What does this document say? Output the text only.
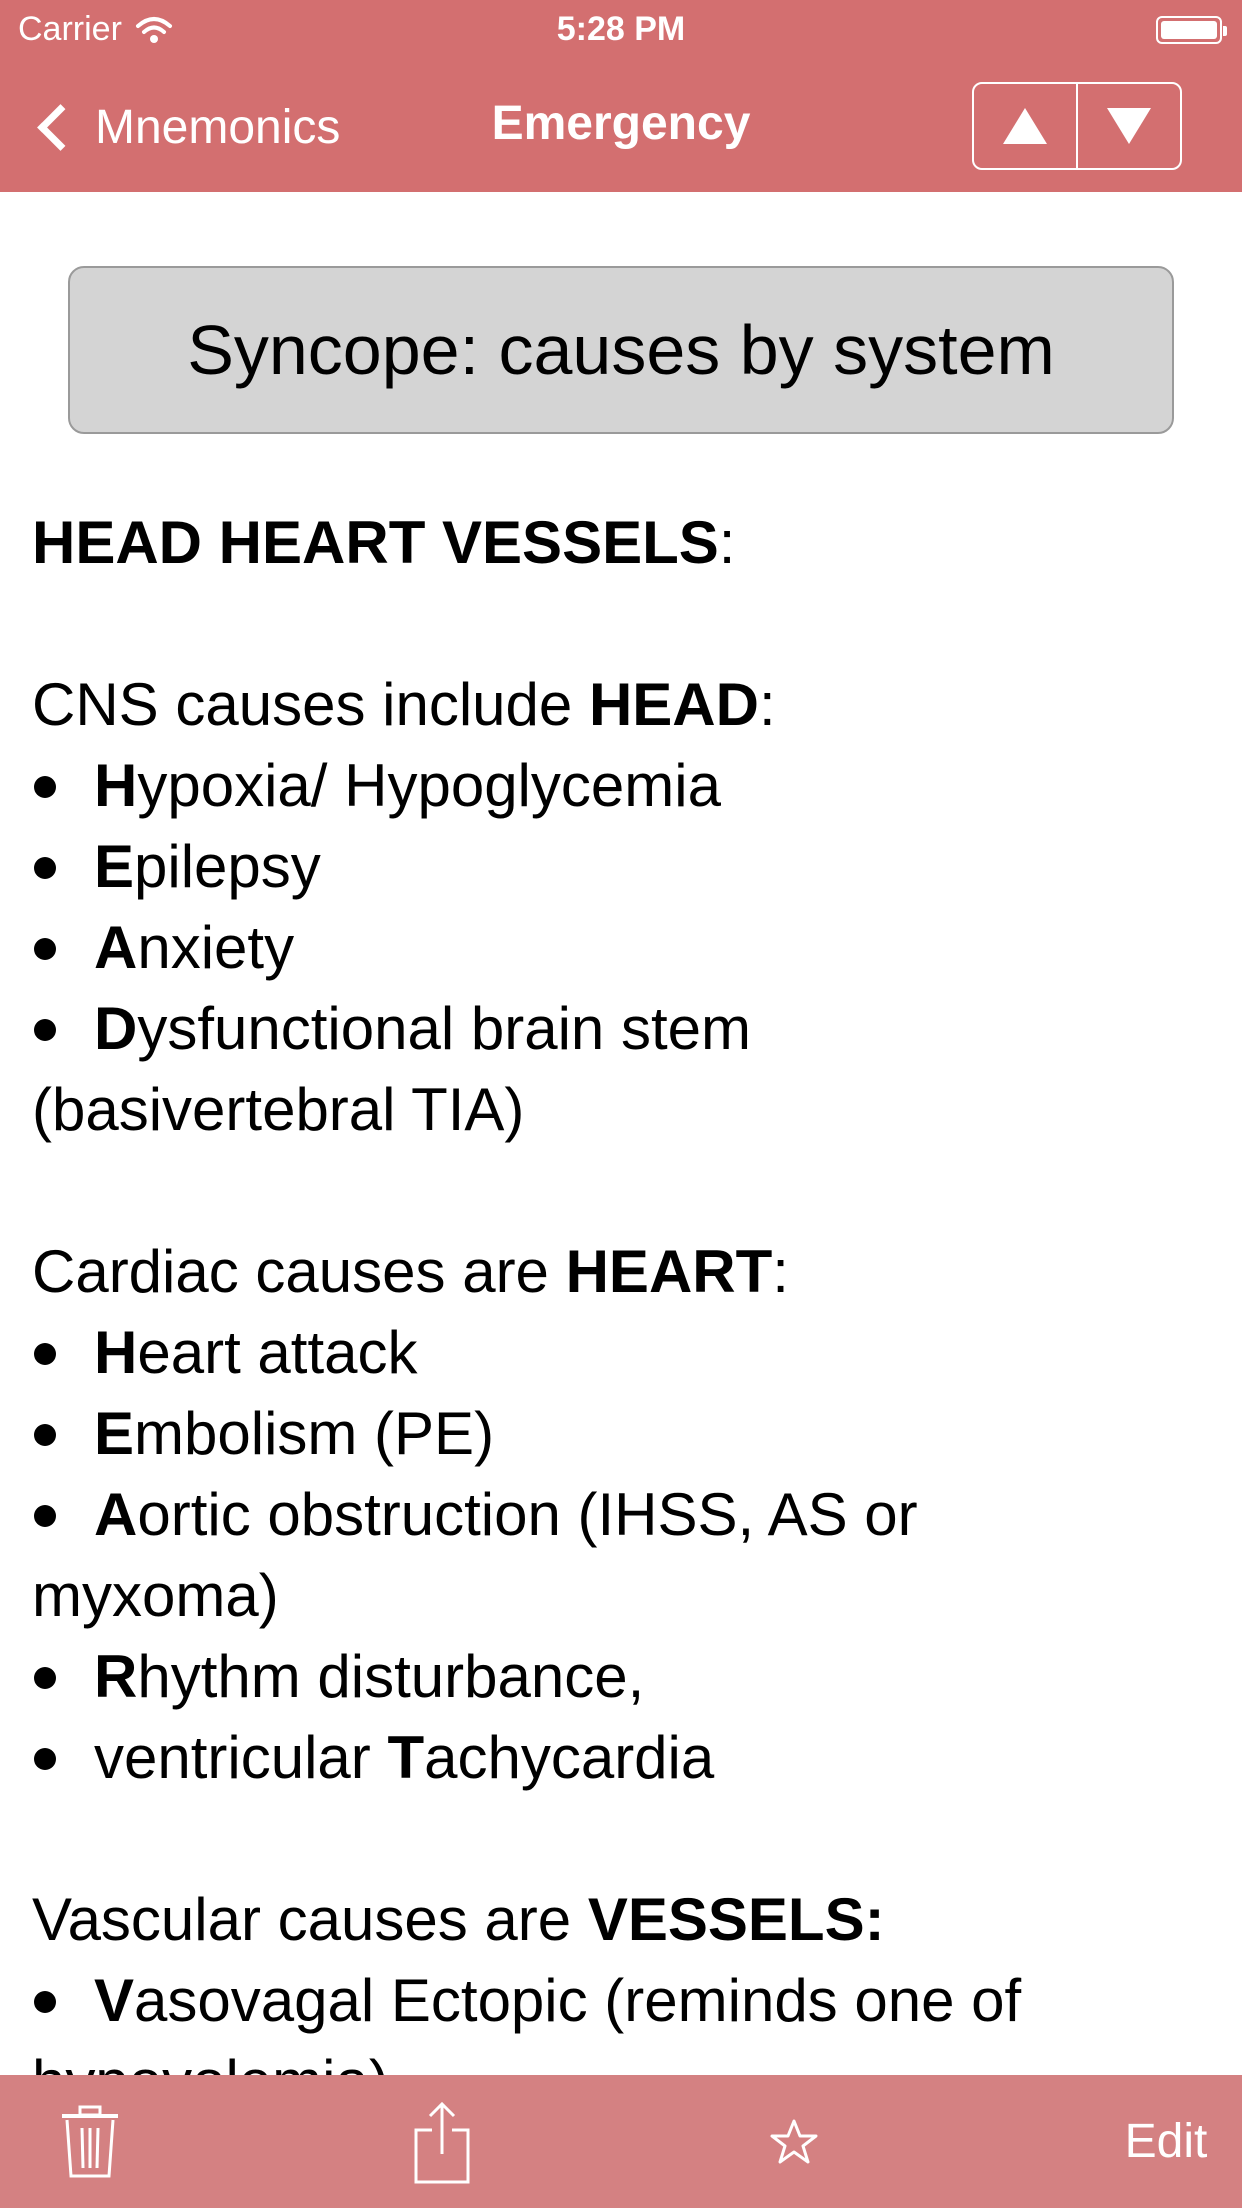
Carrier	5:28 PM
Mnemonics	Emergency
Syncope: causes by system
HEAD HEART VESSELS:
CNS causes include HEAD:
Hypoxia/ Hypoglycemia
Epilepsy
Anxiety
Dysfunctional brain stem
(basivertebral TIA)
Cardiac causes are HEART:
Heart attack
Embolism (PE)
Aortic obstruction (IHSS, AS or
myxoma)
Rhythm disturbance,
ventricular Tachycardia
Vascular causes are VESSELS:
Vasovagal Ectopic (reminds one of
Edit
